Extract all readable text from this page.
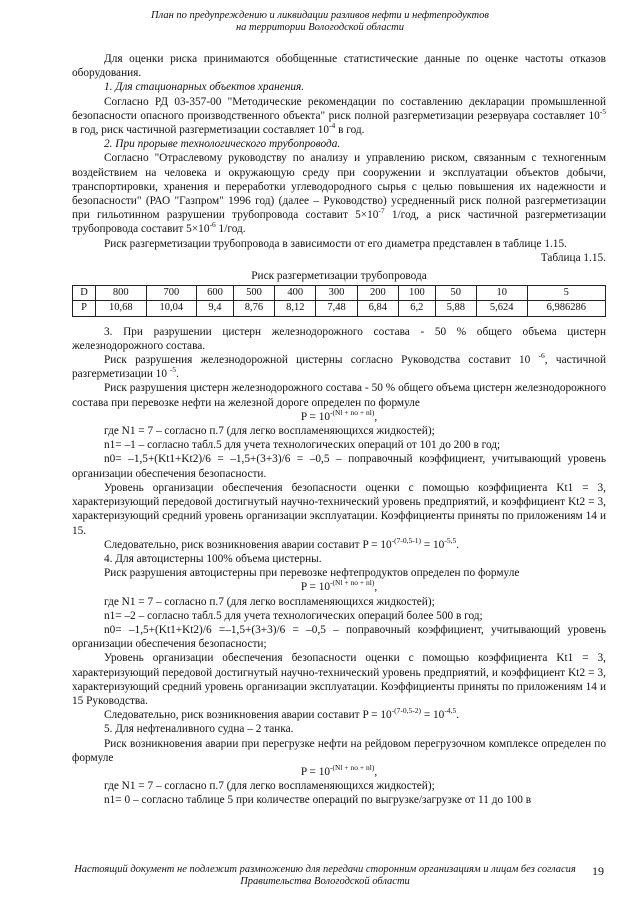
План по предупреждению и ликвидации разливов нефти и нефтепродуктов
на территории Вологодской области

Для оценки риска принимаются обобщенные статистические данные по оценке частоты отказов оборудования.

1. Для стационарных объектов хранения.

Согласно РД 03-357-00 "Методические рекомендации по составлению декларации промышленной безопасности опасного производственного объекта" риск полной разгерметизации резервуара составляет $10^{-5}$ в год, риск частичной разгерметизации составляет $10^{-4}$ в год.

2. При прорыве технологического трубопровода.

Согласно "Отраслевому руководству по анализу и управлению риском, связанным с техногенным воздействием на человека и окружающую среду при сооружении и эксплуатации объектов добычи, транспортировки, хранения и переработки углеводородного сырья с целью повышения их надежности и безопасности" (РАО "Газпром" 1996 год) (далее – Руководство) усредненный риск полной разгерметизации при гильотинном разрушении трубопровода составит $5\times 10^{-7}$ 1/год, а риск частичной разгерметизации трубопровода составит $5\times 10^{-6}$ 1/год.

Риск разгерметизации трубопровода в зависимости от его диаметра представлен в таблице 1.15.

Таблица 1.15.

Риск разгерметизации трубопровода
D	800	700	600	500	400	300	200	100	50	10	5
P	10,68	10,04	9,4	8,76	8,12	7,48	6,84	6,2	5,88	5,624	6,986286

3. При разрушении цистерн железнодорожного состава - 50 % общего объема цистерн железнодорожного состава.

Риск разрушения железнодорожной цистерны согласно Руководства составит 10 $^{-6}$, частичной разгерметизации 10 $^{-5}$.

Риск разрушения цистерн железнодорожного состава - 50 % общего объема цистерн железнодорожного состава при перевозке нефти на железной дороге определен по формуле

$P = 10^{-(Nl + no + nl)}$,

где N1 = 7 – согласно п.7 (для легко воспламеняющихся жидкостей);

n1= –1 – согласно табл.5 для учета технологических операций от 101 до 200 в год;

n0= –1,5+(Kt1+Kt2)/6 = –1,5+(3+3)/6 = –0,5 – поправочный коэффициент, учитывающий уровень организации обеспечения безопасности.

Уровень организации обеспечения безопасности оценки с помощью коэффициента Kt1 = 3, характеризующий передовой достигнутый научно-технический уровень предприятий, и коэффициент Kt2 = 3, характеризующий средний уровень организации эксплуатации. Коэффициенты приняты по приложениям 14 и 15.

Следовательно, риск возникновения аварии составит $P = 10^{-(7-0,5-1)} = 10^{-5,5}$.

4. Для автоцистерны 100% объема цистерны.

Риск разрушения автоцистерны при перевозке нефтепродуктов определен по формуле

$P = 10^{-(Nl + no + nl)}$,

где N1 = 7 – согласно п.7 (для легко воспламеняющихся жидкостей);

n1= –2 – согласно табл.5 для учета технологических операций более 500 в год;

n0= –1,5+(Kt1+Kt2)/6 =–1,5+(3+3)/6 = –0,5 – поправочный коэффициент, учитывающий уровень организации обеспечения безопасности;

Уровень организации обеспечения безопасности оценки с помощью коэффициента Kt1 = 3, характеризующий передовой достигнутый научно-технический уровень предприятий, и коэффициент Kt2 = 3, характеризующий средний уровень организации эксплуатации. Коэффициенты приняты по приложениям 14 и 15 Руководства.

Следовательно, риск возникновения аварии составит $P = 10^{-(7-0,5-2)} = 10^{-4,5}$.

5. Для нефтеналивного судна – 2 танка.

Риск возникновения аварии при перегрузке нефти на рейдовом перегрузочном комплексе определен по формуле

$P = 10^{-(Nl + no + nl)}$,

где N1 = 7 – согласно п.7 (для легко воспламеняющихся жидкостей);

n1= 0 – согласно таблице 5 при количестве операций по выгрузке/загрузке от 11 до 100 в

Настоящий документ не подлежит размножению для передачи сторонним организациям и лицам без согласия Правительства Вологодской области
19
